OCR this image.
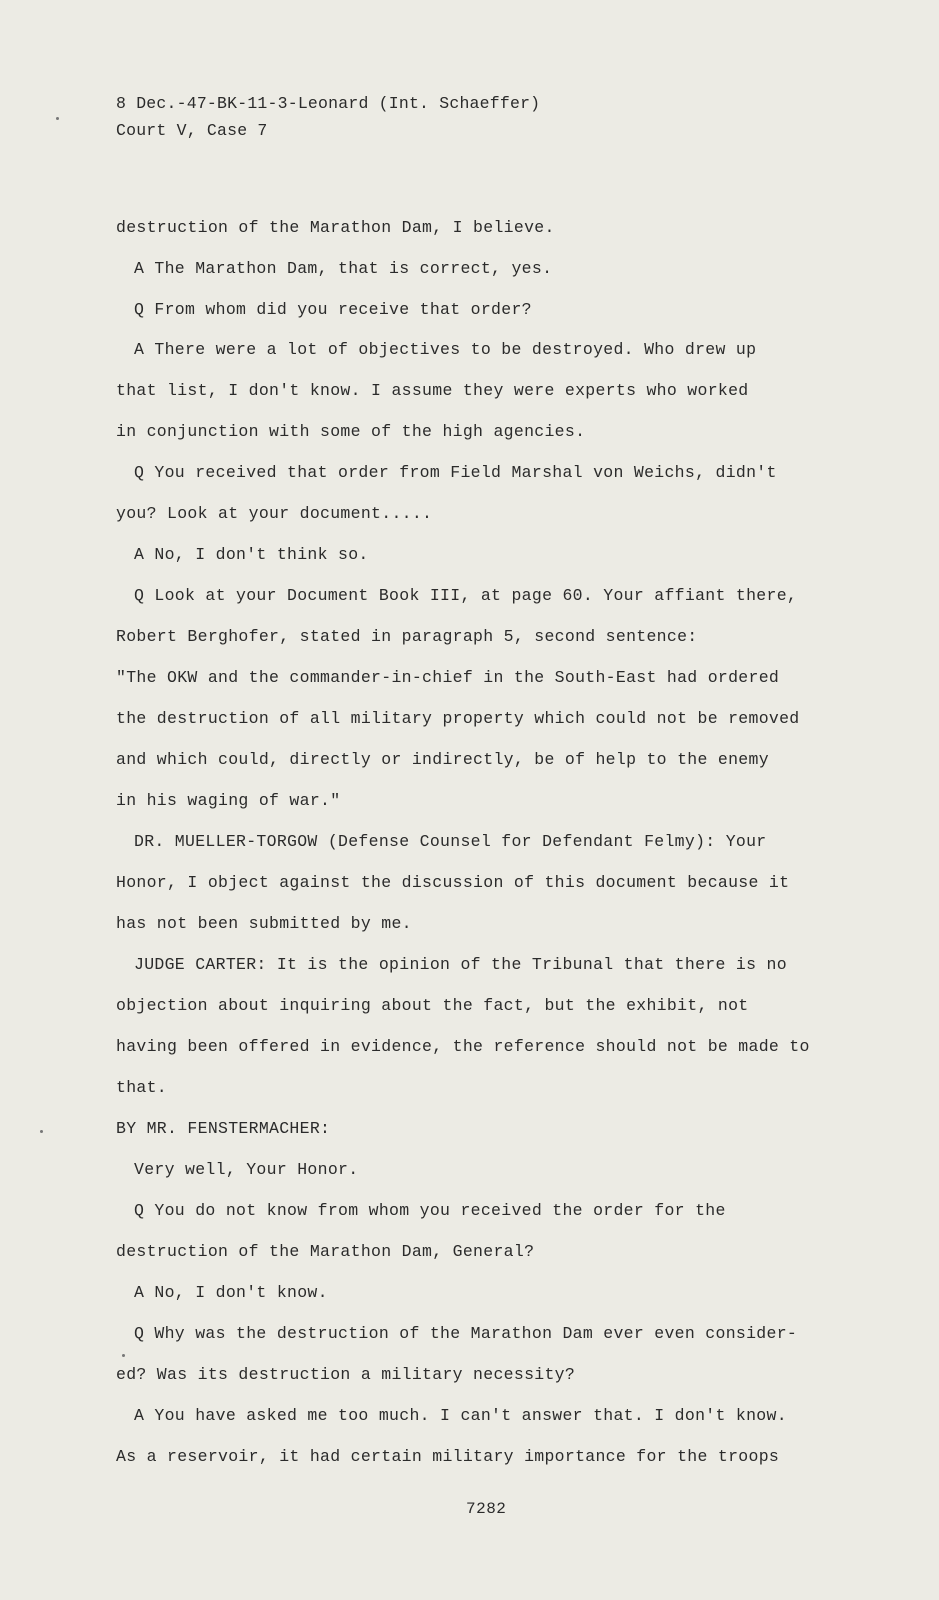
8 Dec.-47-BK-11-3-Leonard (Int. Schaeffer)
Court V, Case 7
destruction of the Marathon Dam, I believe.
A The Marathon Dam, that is correct, yes.
Q From whom did you receive that order?
A There were a lot of objectives to be destroyed. Who drew up
that list, I don't know. I assume they were experts who worked
in conjunction with some of the high agencies.
Q You received that order from Field Marshal von Weichs, didn't
you? Look at your document.....
A No, I don't think so.
Q Look at your Document Book III, at page 60. Your affiant there,
Robert Berghofer, stated in paragraph 5, second sentence:
"The OKW and the commander-in-chief in the South-East had ordered
the destruction of all military property which could not be removed
and which could, directly or indirectly, be of help to the enemy
in his waging of war."
DR. MUELLER-TORGOW (Defense Counsel for Defendant Felmy): Your
Honor, I object against the discussion of this document because it
has not been submitted by me.
JUDGE CARTER: It is the opinion of the Tribunal that there is no
objection about inquiring about the fact, but the exhibit, not
having been offered in evidence, the reference should not be made to
that.
BY MR. FENSTERMACHER:
Very well, Your Honor.
Q You do not know from whom you received the order for the
destruction of the Marathon Dam, General?
A No, I don't know.
Q Why was the destruction of the Marathon Dam ever even consider-
ed? Was its destruction a military necessity?
A You have asked me too much. I can't answer that. I don't know.
As a reservoir, it had certain military importance for the troops
7282
